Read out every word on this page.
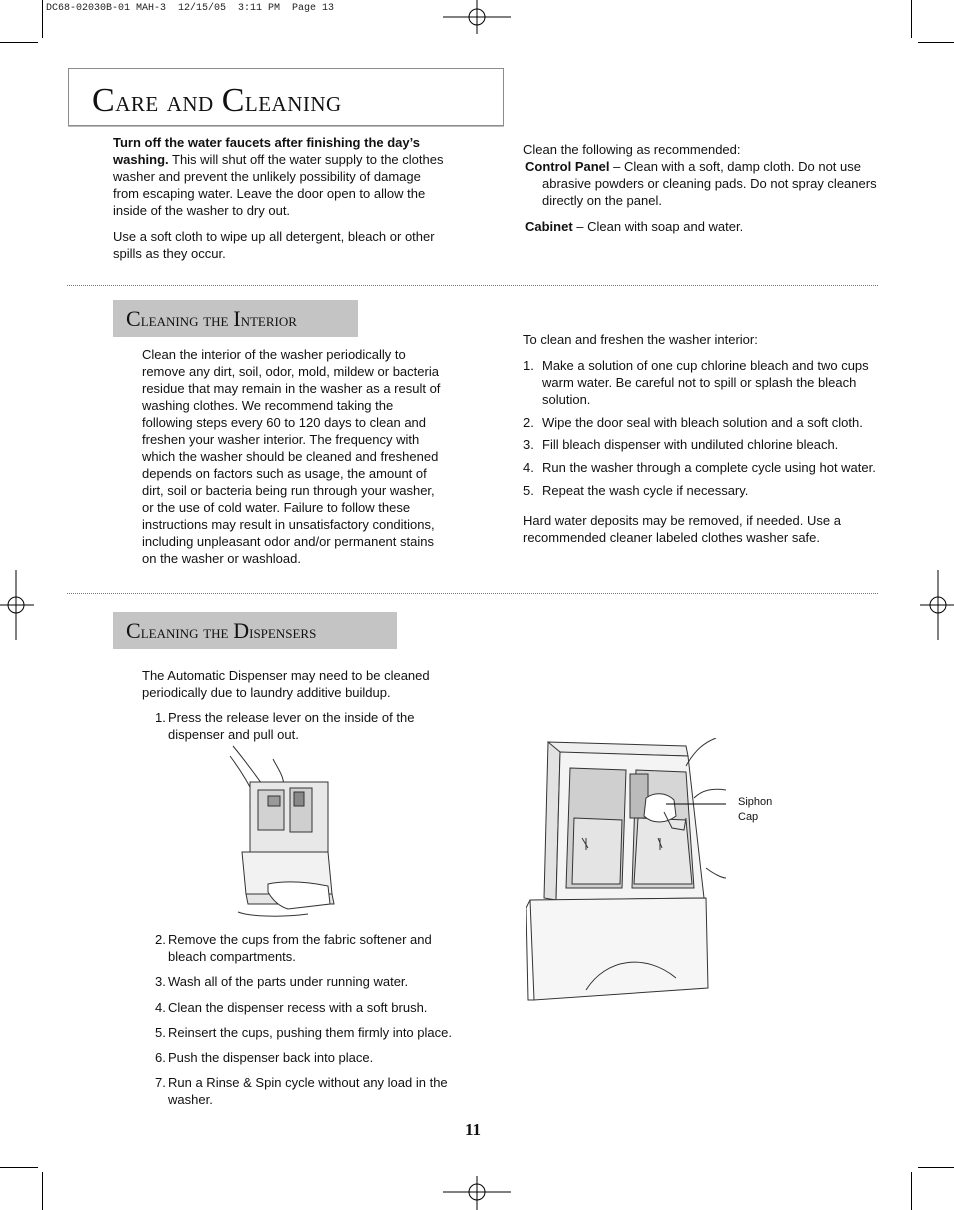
DC68-02030B-01 MAH-3  12/15/05  3:11 PM  Page 13
Care and Cleaning

Turn off the water faucets after finishing the day’s washing. This will shut off the water supply to the clothes washer and prevent the unlikely possibility of damage from escaping water. Leave the door open to allow the inside of the washer to dry out.

Use a soft cloth to wipe up all detergent, bleach or other spills as they occur.

Clean the following as recommended:

Control Panel – Clean with a soft, damp cloth. Do not use abrasive powders or cleaning pads. Do not spray cleaners directly on the panel.
Cabinet – Clean with soap and water.
Cleaning the Interior

Clean the interior of the washer periodically to remove any dirt, soil, odor, mold, mildew or bacteria residue that may remain in the washer as a result of washing clothes. We recommend taking the following steps every 60 to 120 days to clean and freshen your washer interior. The frequency with which the washer should be cleaned and freshened depends on factors such as usage, the amount of dirt, soil or bacteria being run through your washer, or the use of cold water. Failure to follow these instructions may result in unsatisfactory conditions, including unpleasant odor and/or permanent stains on the washer or washload.

To clean and freshen the washer interior:

1. Make a solution of one cup chlorine bleach and two cups warm water. Be careful not to spill or splash the bleach solution.
2. Wipe the door seal with bleach solution and a soft cloth.
3. Fill bleach dispenser with undiluted chlorine bleach.
4. Run the washer through a complete cycle using hot water.
5. Repeat the wash cycle if necessary.

Hard water deposits may be removed, if needed. Use a recommended cleaner labeled clothes washer safe.

Cleaning the Dispensers

The Automatic Dispenser may need to be cleaned periodically due to laundry additive buildup.

1. Press the release lever on the inside of the dispenser and pull out.
2. Remove the cups from the fabric softener and bleach compartments.
3. Wash all of the parts under running water.
4. Clean the dispenser recess with a soft brush.
5. Reinsert the cups, pushing them firmly into place.
6. Push the dispenser back into place.
7. Run a Rinse & Spin cycle without any load in the washer.
Siphon
Cap
11
